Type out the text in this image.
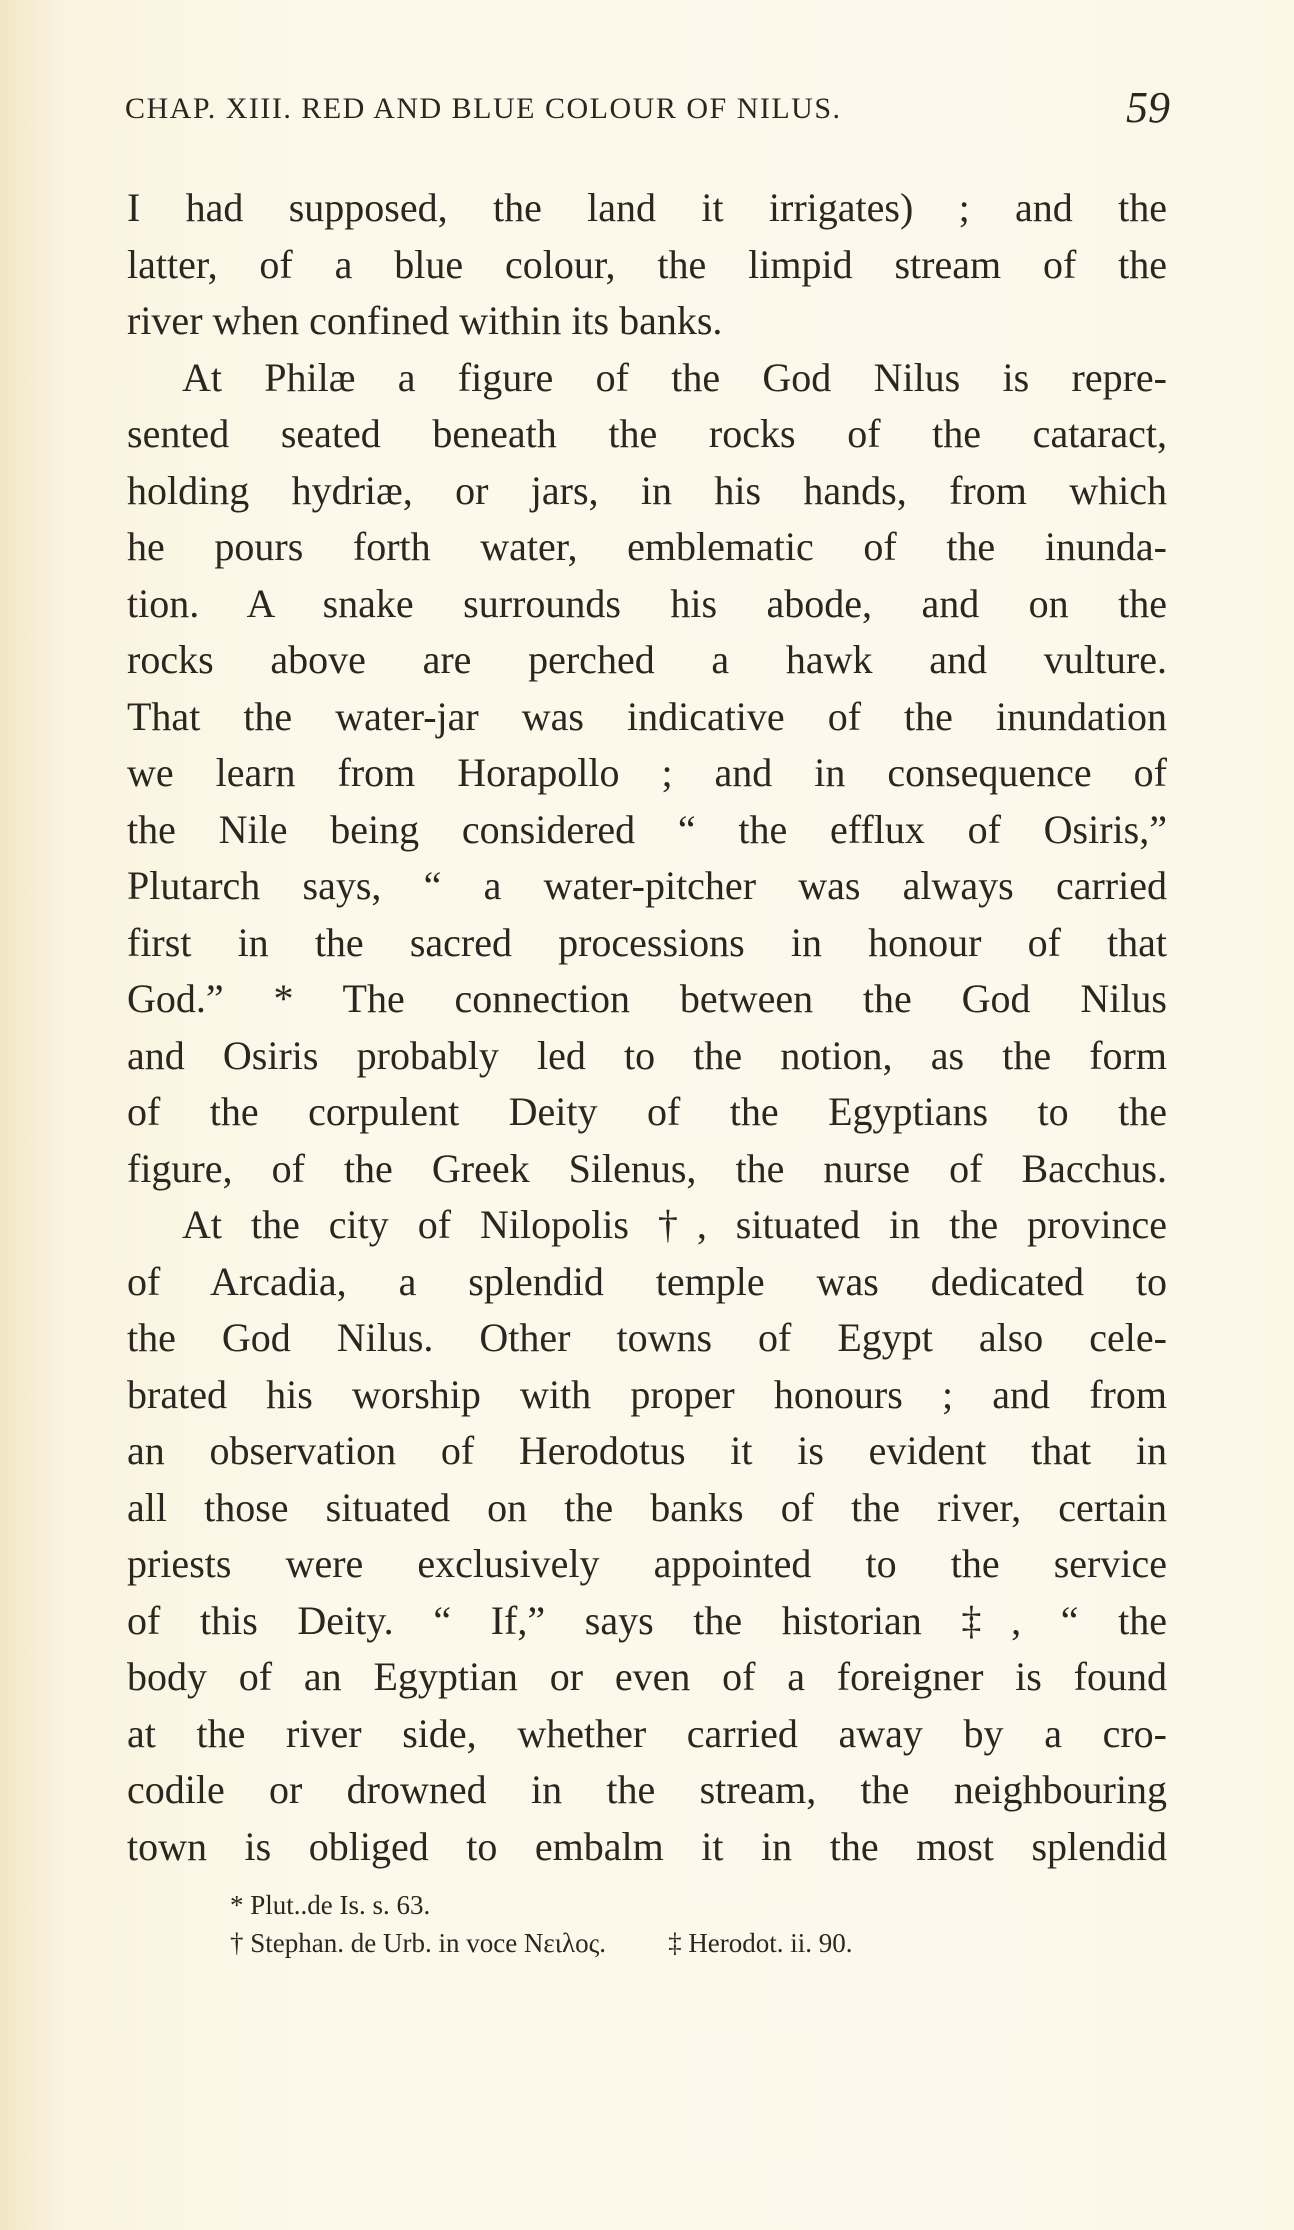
CHAP. XIII. RED AND BLUE COLOUR OF NILUS.	59
I had supposed, the land it irrigates) ; and the
latter, of a blue colour, the limpid stream of the
river when confined within its banks.
At Philæ a figure of the God Nilus is repre-
sented seated beneath the rocks of the cataract,
holding hydriæ, or jars, in his hands, from which
he pours forth water, emblematic of the inunda-
tion. A snake surrounds his abode, and on the
rocks above are perched a hawk and vulture.
That the water-jar was indicative of the inundation
we learn from Horapollo ; and in consequence of
the Nile being considered “ the efflux of Osiris,”
Plutarch says, “ a water-pitcher was always carried
first in the sacred processions in honour of that
God.” * The connection between the God Nilus
and Osiris probably led to the notion, as the form
of the corpulent Deity of the Egyptians to the
figure, of the Greek Silenus, the nurse of Bacchus.
At the city of Nilopolis †, situated in the province
of Arcadia, a splendid temple was dedicated to
the God Nilus. Other towns of Egypt also cele-
brated his worship with proper honours ; and from
an observation of Herodotus it is evident that in
all those situated on the banks of the river, certain
priests were exclusively appointed to the service
of this Deity. “ If,” says the historian ‡, “ the
body of an Egyptian or even of a foreigner is found
at the river side, whether carried away by a cro-
codile or drowned in the stream, the neighbouring
town is obliged to embalm it in the most splendid
* Plut..de Is. s. 63.
† Stephan. de Urb. in voce Νειλος. ‡ Herodot. ii. 90.
